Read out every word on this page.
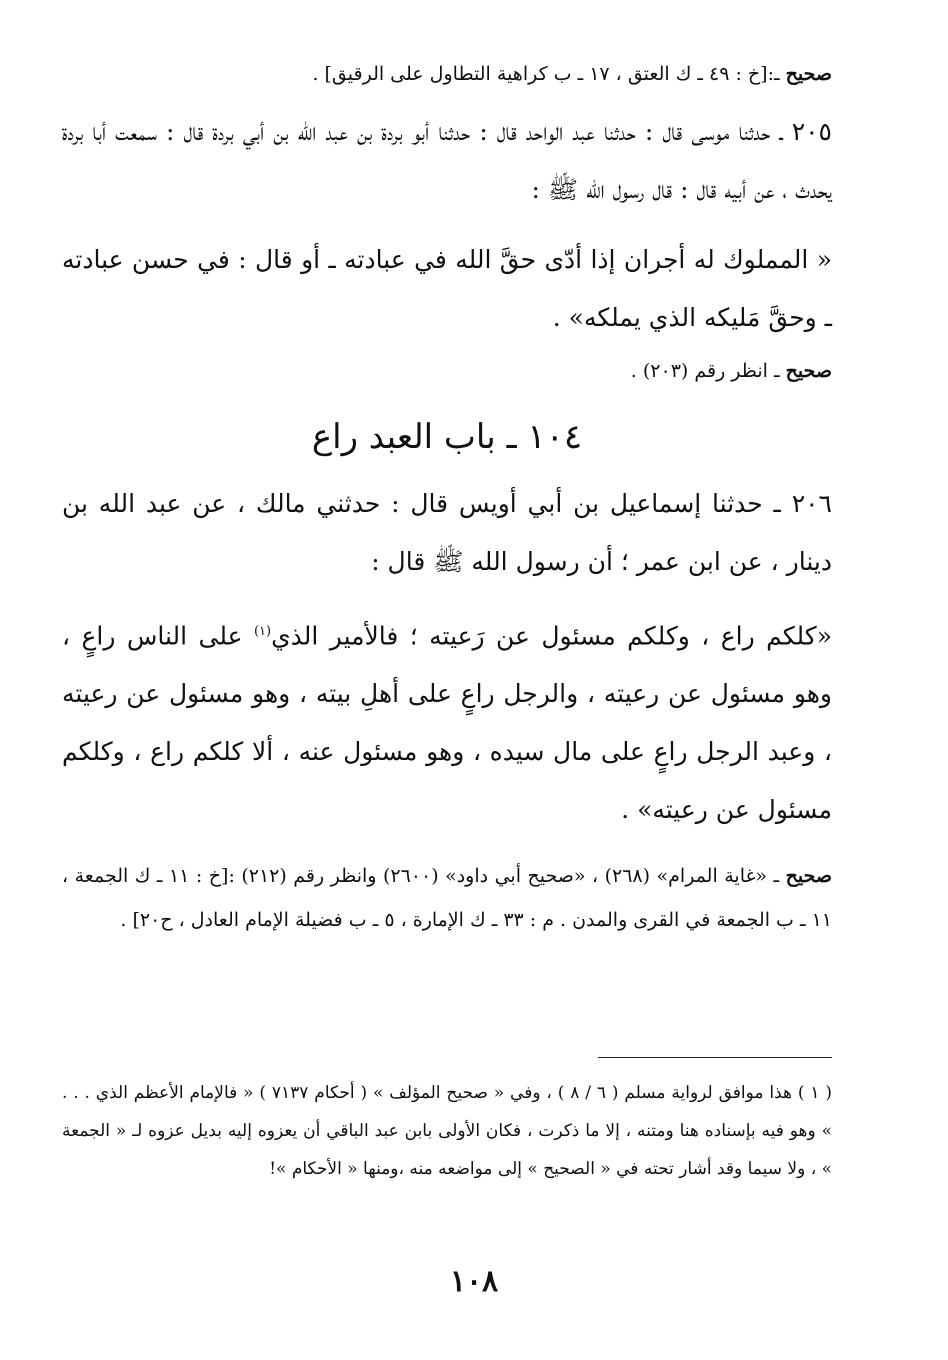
صحيح ـ:[خ : ٤٩ ـ ك العتق ، ١٧ ـ ب كراهية التطاول على الرقيق] .

٢٠٥ ـ حدثنا موسى قال : حدثنا عبد الواحد قال : حدثنا أبو بردة بن عبد الله بن أبي بردة قال : سمعت أبا بردة يحدث ، عن أبيه قال : قال رسول الله ﷺ :

« المملوك له أجران إذا أدّى حقَّ الله في عبادته ـ أو قال : في حسن عبادته ـ وحقَّ مَليكه الذي يملكه» .

صحيح ـ انظر رقم (٢٠٣) .
١٠٤ ـ باب العبد راع

٢٠٦ ـ حدثنا إسماعيل بن أبي أويس قال : حدثني مالك ، عن عبد الله بن دينار ، عن ابن عمر ؛ أن رسول الله ﷺ قال :

«كلكم راع ، وكلكم مسئول عن رَعيته ؛ فالأمير الذي$^{(١)}$ على الناس راعٍ ، وهو مسئول عن رعيته ، والرجل راعٍ على أهلِ بيته ، وهو مسئول عن رعيته ، وعبد الرجل راعٍ على مال سيده ، وهو مسئول عنه ، ألا كلكم راع ، وكلكم مسئول عن رعيته» .

صحيح ـ «غاية المرام» (٢٦٨) ، «صحيح أبي داود» (٢٦٠٠) وانظر رقم (٢١٢) :[خ : ١١ ـ ك الجمعة ، ١١ ـ ب الجمعة في القرى والمدن . م : ٣٣ ـ ك الإمارة ، ٥ ـ ب فضيلة الإمام العادل ، ح٢٠] .
( ١ ) هذا موافق لرواية مسلم ( ٦ / ٨ ) ، وفي « صحيح المؤلف » ( أحكام ٧١٣٧ ) « فالإمام الأعظم الذي . . . » وهو فيه بإسناده هنا ومتنه ، إلا ما ذكرت ، فكان الأولى بابن عبد الباقي أن يعزوه إليه بديل عزوه لـ « الجمعة » ، ولا سيما وقد أشار تحته في « الصحيح » إلى مواضعه منه ،ومنها « الأحكام »!
١٠٨
